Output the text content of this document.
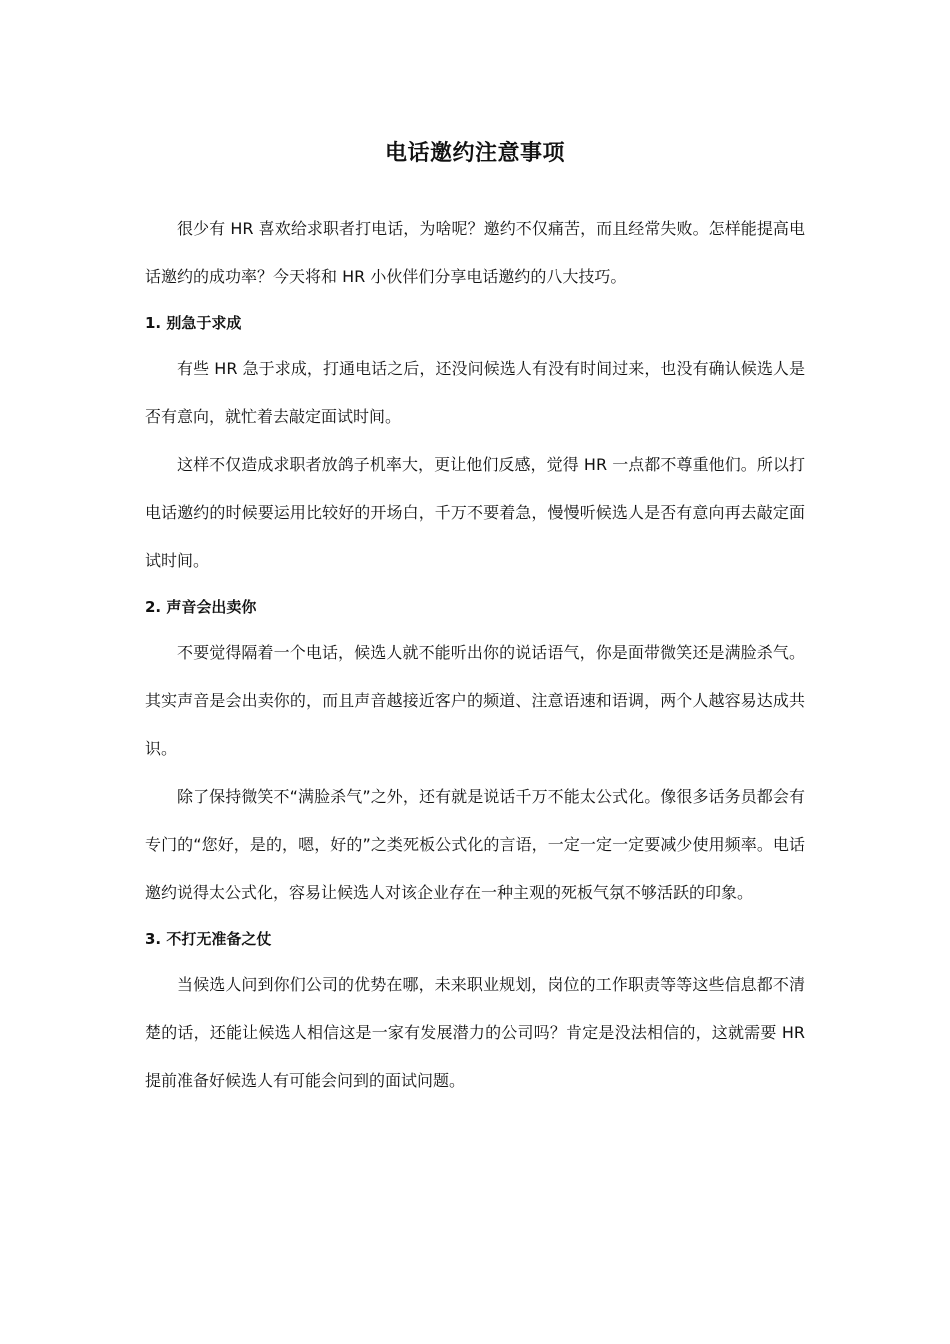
电话邀约注意事项

很少有 HR 喜欢给求职者打电话，为啥呢？邀约不仅痛苦，而且经常失败。怎样能提高电话邀约的成功率？今天将和 HR 小伙伴们分享电话邀约的八大技巧。

1. 别急于求成

有些 HR 急于求成，打通电话之后，还没问候选人有没有时间过来，也没有确认候选人是否有意向，就忙着去敲定面试时间。

这样不仅造成求职者放鸽子机率大，更让他们反感，觉得 HR 一点都不尊重他们。所以打电话邀约的时候要运用比较好的开场白，千万不要着急，慢慢听候选人是否有意向再去敲定面试时间。

2. 声音会出卖你

不要觉得隔着一个电话，候选人就不能听出你的说话语气，你是面带微笑还是满脸杀气。其实声音是会出卖你的，而且声音越接近客户的频道、注意语速和语调，两个人越容易达成共识。

除了保持微笑不“满脸杀气”之外，还有就是说话千万不能太公式化。像很多话务员都会有专门的“您好，是的，嗯，好的”之类死板公式化的言语，一定一定一定要减少使用频率。电话邀约说得太公式化，容易让候选人对该企业存在一种主观的死板气氛不够活跃的印象。

3. 不打无准备之仗

当候选人问到你们公司的优势在哪，未来职业规划，岗位的工作职责等等这些信息都不清楚的话，还能让候选人相信这是一家有发展潜力的公司吗？肯定是没法相信的，这就需要 HR 提前准备好候选人有可能会问到的面试问题。
